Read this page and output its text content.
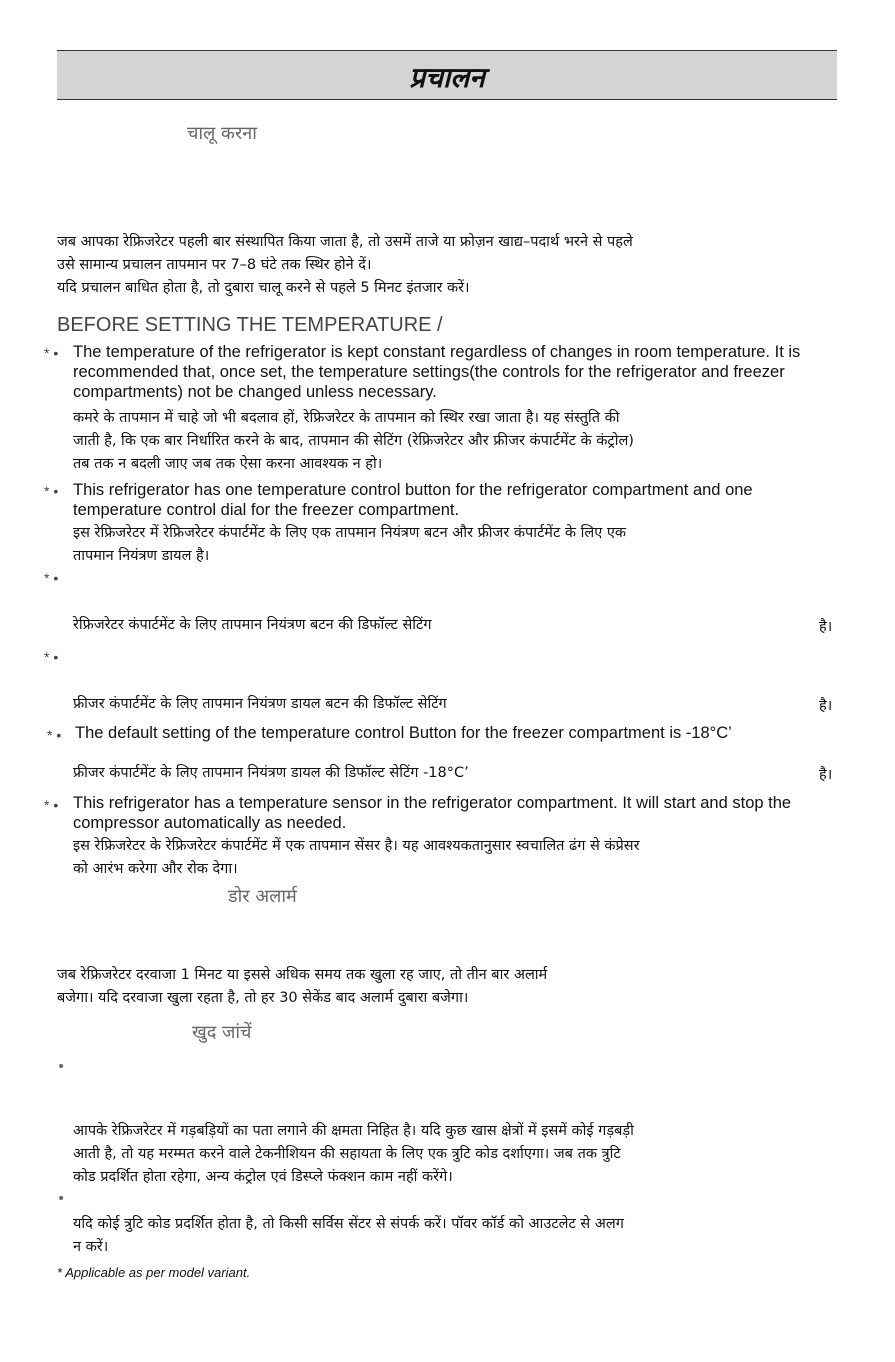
प्रचालन
चालू करना
जब आपका रेफ्रिजरेटर पहली बार संस्थापित किया जाता है, तो उसमें ताजे या फ्रोज़न खाद्य–पदार्थ भरने से पहले
उसे सामान्य प्रचालन तापमान पर 7–8 घंटे तक स्थिर होने दें।
यदि प्रचालन बाधित होता है, तो दुबारा चालू करने से पहले 5 मिनट इंतजार करें।
BEFORE SETTING THE TEMPERATURE /
* • The temperature of the refrigerator is kept constant regardless of changes in room temperature. It is
recommended that, once set, the temperature settings(the controls for the refrigerator and freezer
compartments) not be changed unless necessary.
कमरे के तापमान में चाहे जो भी बदलाव हों, रेफ्रिजरेटर के तापमान को स्थिर रखा जाता है। यह संस्तुति की
जाती है, कि एक बार निर्धारित करने के बाद, तापमान की सेटिंग (रेफ्रिजरेटर और फ्रीजर कंपार्टमेंट के कंट्रोल)
तब तक न बदली जाए जब तक ऐसा करना आवश्यक न हो।
* • This refrigerator has one temperature control button for the refrigerator compartment and one
temperature control dial for the freezer compartment.
इस रेफ्रिजरेटर में रेफ्रिजरेटर कंपार्टमेंट के लिए एक तापमान नियंत्रण बटन और फ्रीजर कंपार्टमेंट के लिए एक
तापमान नियंत्रण डायल है।
* •
रेफ्रिजरेटर कंपार्टमेंट के लिए तापमान नियंत्रण बटन की डिफॉल्ट सेटिंग	है।
* •
फ्रीजर कंपार्टमेंट के लिए तापमान नियंत्रण डायल बटन की डिफॉल्ट सेटिंग	है।
* • The default setting of the temperature control Button for the freezer compartment is -18°C’
फ्रीजर कंपार्टमेंट के लिए तापमान नियंत्रण डायल की डिफॉल्ट सेटिंग -18°C’	है।
* • This refrigerator has a temperature sensor in the refrigerator compartment. It will start and stop the
compressor automatically as needed.
इस रेफ्रिजरेटर के रेफ्रिजरेटर कंपार्टमेंट में एक तापमान सेंसर है। यह आवश्यकतानुसार स्वचालित ढंग से कंप्रेसर
को आरंभ करेगा और रोक देगा।
डोर अलार्म
जब रेफ्रिजरेटर दरवाजा 1 मिनट या इससे अधिक समय तक खुला रह जाए, तो तीन बार अलार्म
बजेगा। यदि दरवाजा खुला रहता है, तो हर 30 सेकेंड बाद अलार्म दुबारा बजेगा।
खुद जांचें
•
आपके रेफ्रिजरेटर में गड़बड़ियों का पता लगाने की क्षमता निहित है। यदि कुछ खास क्षेत्रों में इसमें कोई गड़बड़ी
आती है, तो यह मरम्मत करने वाले टेकनीशियन की सहायता के लिए एक त्रुटि कोड दर्शाएगा। जब तक त्रुटि
कोड प्रदर्शित होता रहेगा, अन्य कंट्रोल एवं डिस्प्ले फंक्शन काम नहीं करेंगे।
•
यदि कोई त्रुटि कोड प्रदर्शित होता है, तो किसी सर्विस सेंटर से संपर्क करें। पॉवर कॉर्ड को आउटलेट से अलग
न करें।
* Applicable as per model variant.
